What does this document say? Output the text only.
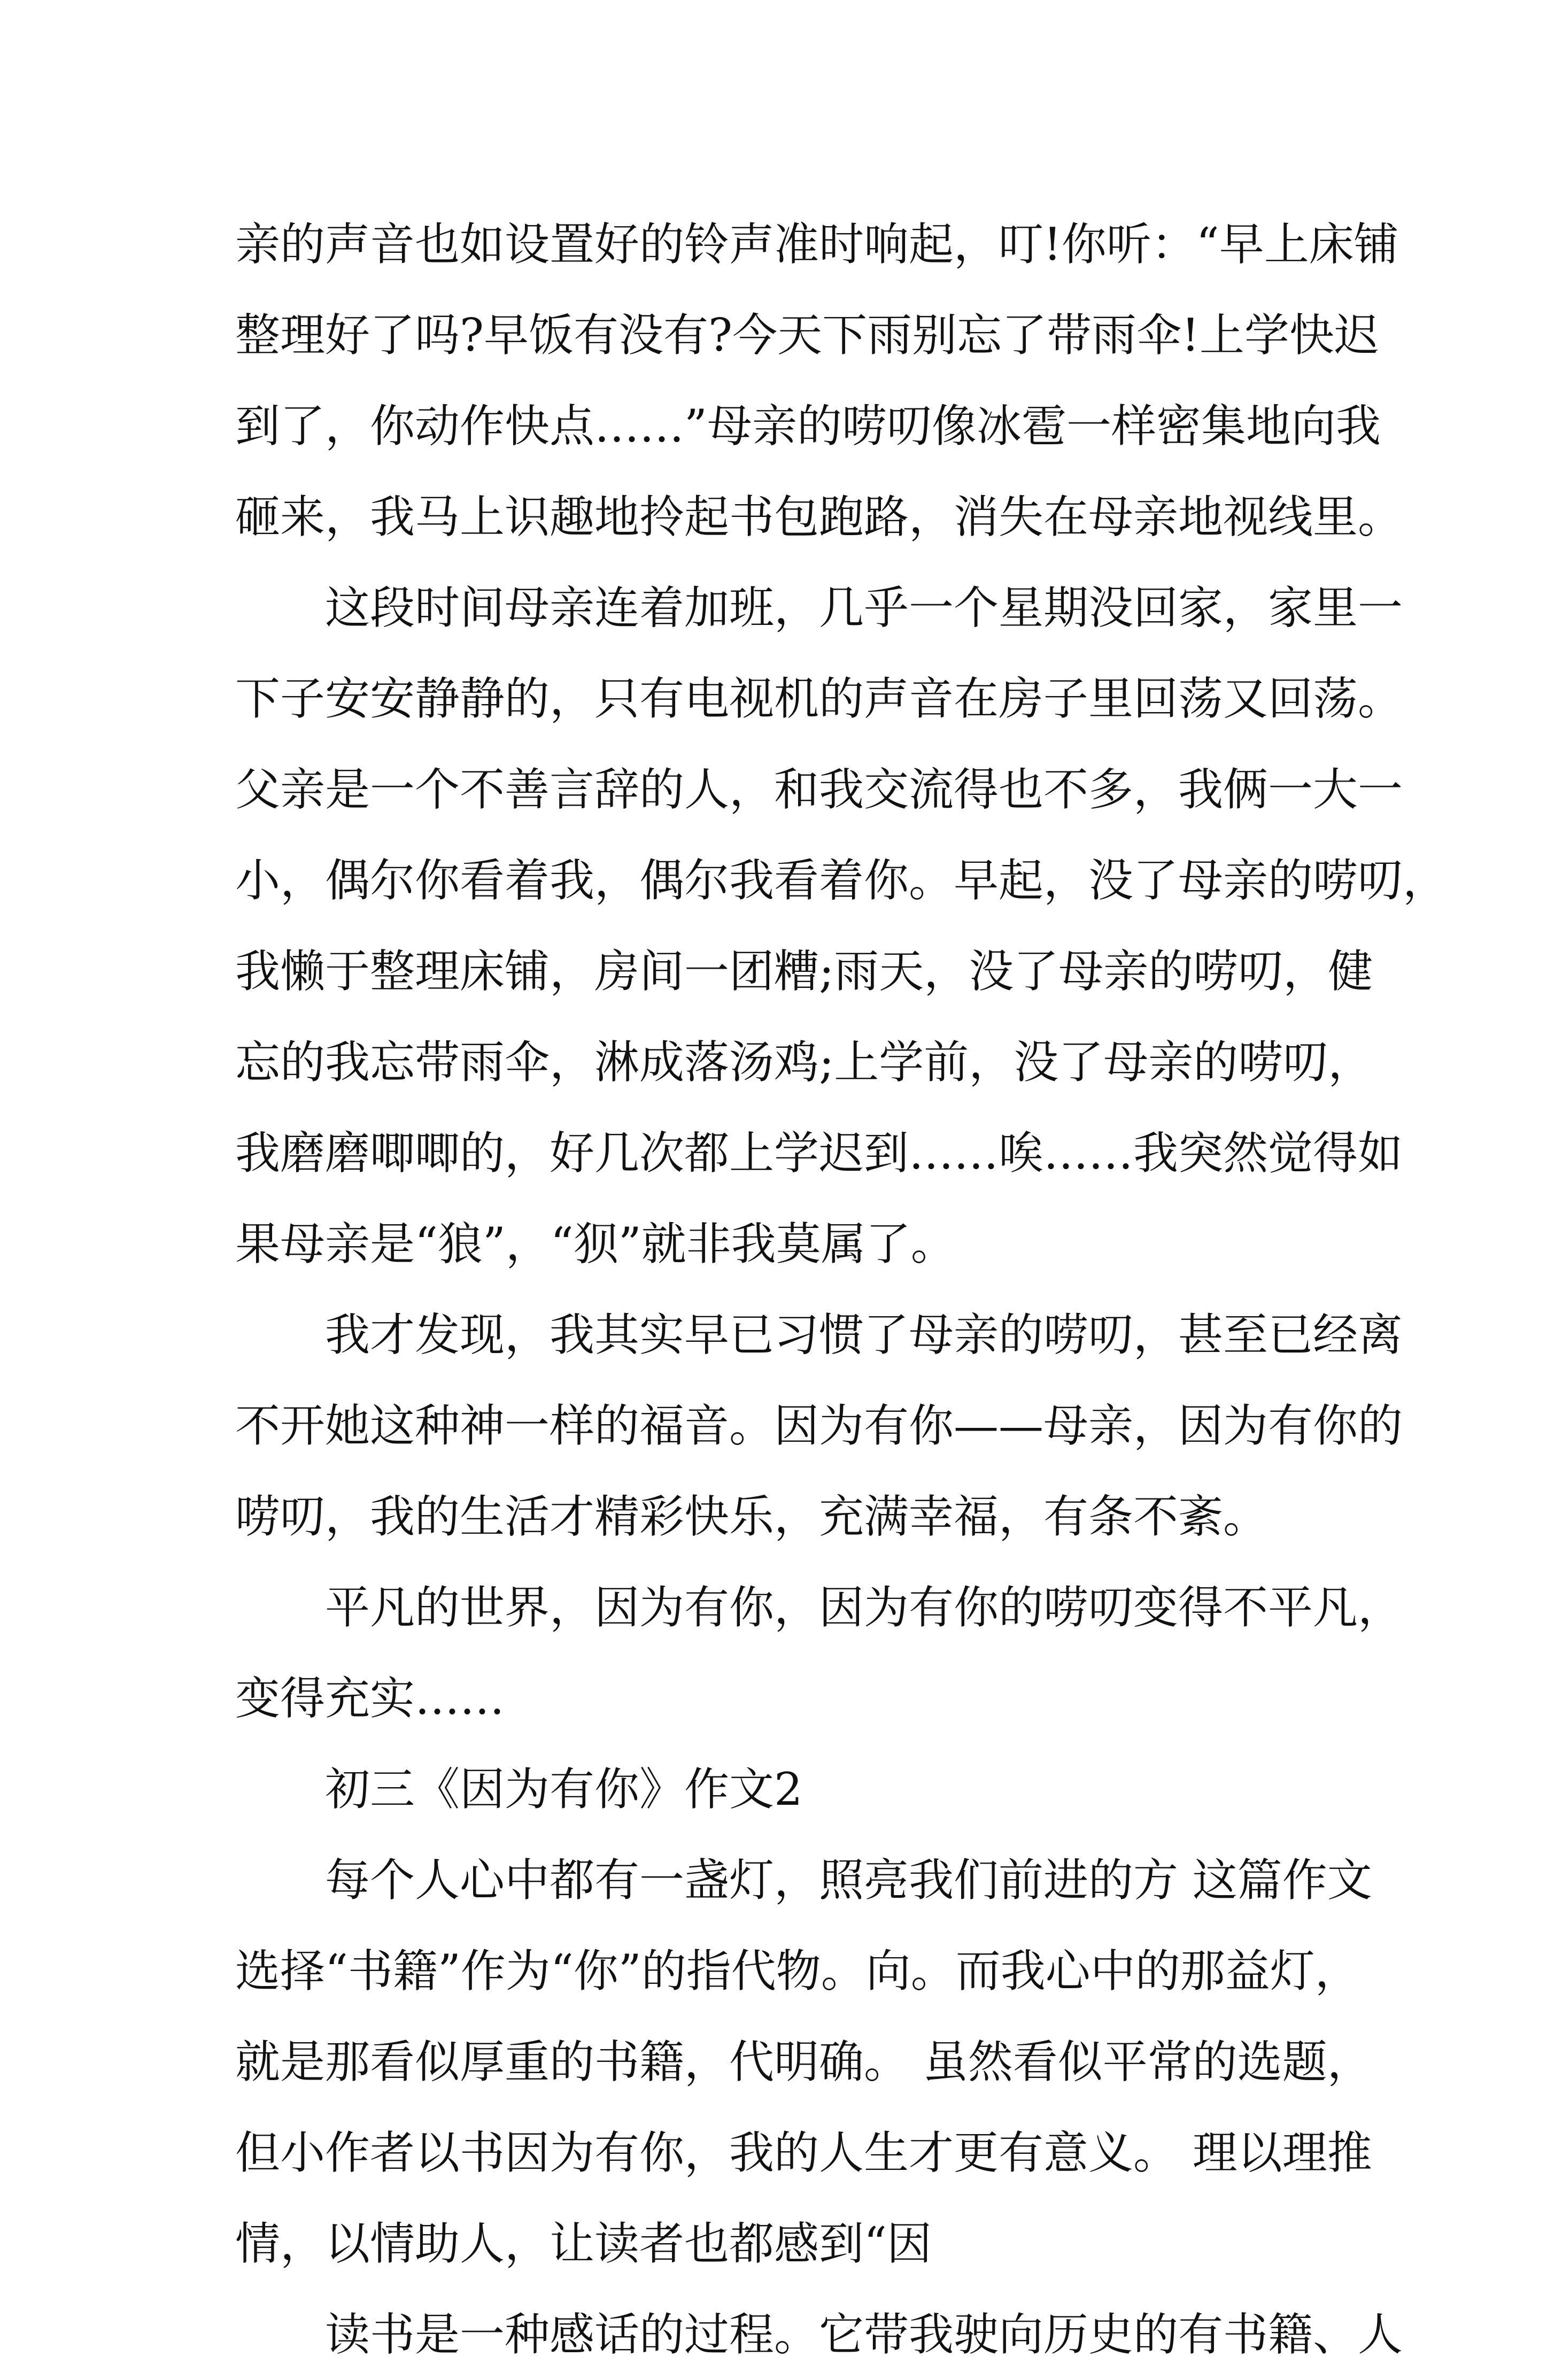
亲的声音也如设置好的铃声准时响起，叮!你听：“早上床铺
整理好了吗?早饭有没有?今天下雨别忘了带雨伞!上学快迟
到了，你动作快点……”母亲的唠叨像冰雹一样密集地向我
砸来，我马上识趣地拎起书包跑路，消失在母亲地视线里。
这段时间母亲连着加班，几乎一个星期没回家，家里一
下子安安静静的，只有电视机的声音在房子里回荡又回荡。
父亲是一个不善言辞的人，和我交流得也不多，我俩一大一
小，偶尔你看着我，偶尔我看着你。早起，没了母亲的唠叨，
我懒于整理床铺，房间一团糟;雨天，没了母亲的唠叨，健
忘的我忘带雨伞，淋成落汤鸡;上学前，没了母亲的唠叨，
我磨磨唧唧的，好几次都上学迟到……唉……我突然觉得如
果母亲是“狼”，“狈”就非我莫属了。
我才发现，我其实早已习惯了母亲的唠叨，甚至已经离
不开她这种神一样的福音。因为有你——母亲，因为有你的
唠叨，我的生活才精彩快乐，充满幸福，有条不紊。
平凡的世界，因为有你，因为有你的唠叨变得不平凡，
变得充实……
初三《因为有你》作文2
每个人心中都有一盏灯，照亮我们前进的方 这篇作文
选择“书籍”作为“你”的指代物。向。而我心中的那益灯，
就是那看似厚重的书籍，代明确。 虽然看似平常的选题，
但小作者以书因为有你，我的人生才更有意义。 理以理推
情，以情助人，让读者也都感到“因
读书是一种感话的过程。它带我驶向历史的有书籍、人
